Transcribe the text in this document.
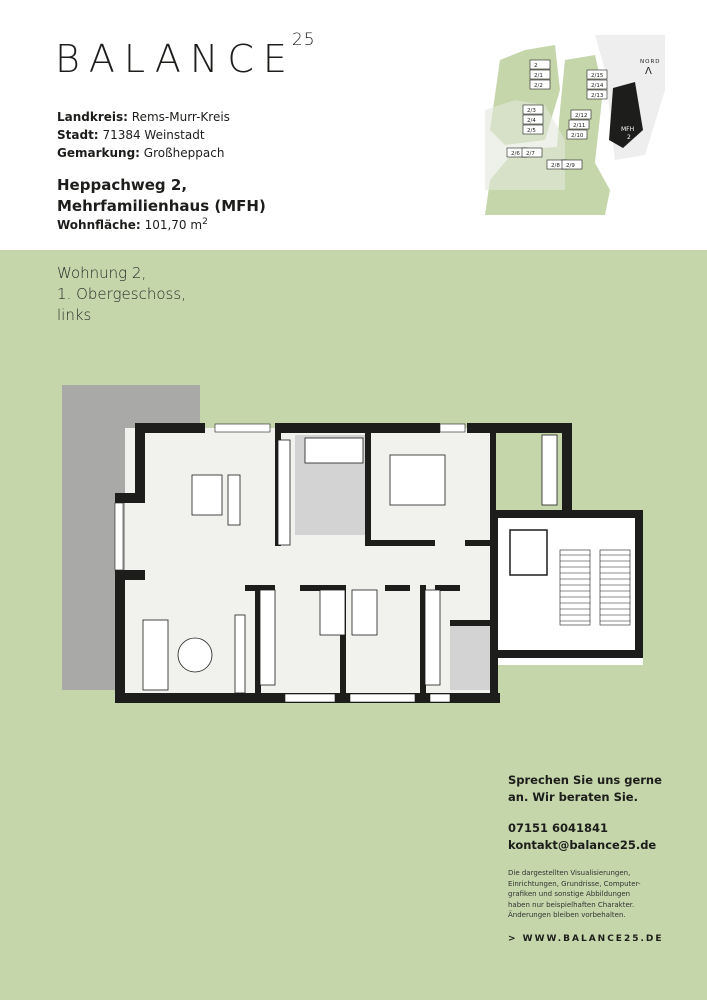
BALANCE$^{25}$
Landkreis: Rems-Murr-Kreis
Stadt: 71384 Weinstadt
Gemarkung: Großheppach
Heppachweg 2,
Mehrfamilienhaus (MFH)
Wohnfläche: 101,70 $m^2$
2
2/1
2/2
2/3
2/4
2/5
2/6 2/7
2/8 2/9
2/10
2/11
2/12
2/13
2/14
2/15
MFH
2
NORD
Λ
Wohnung 2,
1. Obergeschoss,
links
Sprechen Sie uns gerne
an. Wir beraten Sie.
07151 6041841
kontakt@balance25.de
Die dargestellten Visualisierungen,
Einrichtungen, Grundrisse, Computer-
grafiken und sonstige Abbildungen
haben nur beispielhaften Charakter.
Änderungen bleiben vorbehalten.
> WWW.BALANCE25.DE
